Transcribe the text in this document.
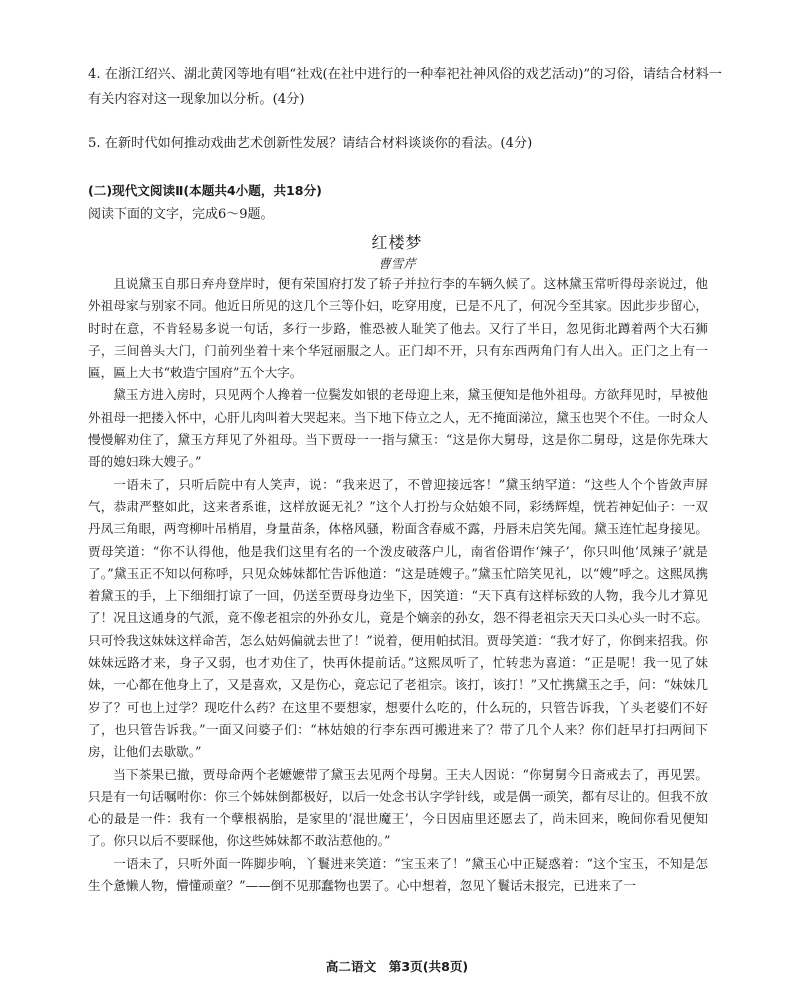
4. 在浙江绍兴、湖北黄冈等地有唱“社戏(在社中进行的一种奉祀社神风俗的戏艺活动)”的习俗，请结合材料一有关内容对这一现象加以分析。(4分)

5. 在新时代如何推动戏曲艺术创新性发展？请结合材料谈谈你的看法。(4分)

(二)现代文阅读Ⅱ(本题共4小题，共18分)

阅读下面的文字，完成6～9题。

红楼梦

曹雪芹

且说黛玉自那日弃舟登岸时，便有荣国府打发了轿子并拉行李的车辆久候了。这林黛玉常听得母亲说过，他外祖母家与别家不同。他近日所见的这几个三等仆妇，吃穿用度，已是不凡了，何况今至其家。因此步步留心，时时在意，不肯轻易多说一句话，多行一步路，惟恐被人耻笑了他去。又行了半日，忽见街北蹲着两个大石狮子，三间兽头大门，门前列坐着十来个华冠丽服之人。正门却不开，只有东西两角门有人出入。正门之上有一匾，匾上大书“敕造宁国府”五个大字。

黛玉方进入房时，只见两个人搀着一位鬓发如银的老母迎上来，黛玉便知是他外祖母。方欲拜见时，早被他外祖母一把搂入怀中，心肝儿肉叫着大哭起来。当下地下侍立之人，无不掩面涕泣，黛玉也哭个不住。一时众人慢慢解劝住了，黛玉方拜见了外祖母。当下贾母一一指与黛玉：“这是你大舅母，这是你二舅母，这是你先珠大哥的媳妇珠大嫂子。”

一语未了，只听后院中有人笑声，说：“我来迟了，不曾迎接远客！”黛玉纳罕道：“这些人个个皆敛声屏气，恭肃严整如此，这来者系谁，这样放诞无礼？”这个人打扮与众姑娘不同，彩绣辉煌，恍若神妃仙子：一双丹凤三角眼，两弯柳叶吊梢眉，身量苗条，体格风骚，粉面含春威不露，丹唇未启笑先闻。黛玉连忙起身接见。贾母笑道：“你不认得他，他是我们这里有名的一个泼皮破落户儿，南省俗谓作‘辣子’，你只叫他‘凤辣子’就是了。”黛玉正不知以何称呼，只见众姊妹都忙告诉他道：“这是琏嫂子。”黛玉忙陪笑见礼，以“嫂”呼之。这熙凤携着黛玉的手，上下细细打谅了一回，仍送至贾母身边坐下，因笑道：“天下真有这样标致的人物，我今儿才算见了！况且这通身的气派，竟不像老祖宗的外孙女儿，竟是个嫡亲的孙女，怨不得老祖宗天天口头心头一时不忘。只可怜我这妹妹这样命苦，怎么姑妈偏就去世了！”说着，便用帕拭泪。贾母笑道：“我才好了，你倒来招我。你妹妹远路才来，身子又弱，也才劝住了，快再休提前话。”这熙凤听了，忙转悲为喜道：“正是呢！我一见了妹妹，一心都在他身上了，又是喜欢，又是伤心，竟忘记了老祖宗。该打，该打！”又忙携黛玉之手，问：“妹妹几岁了？可也上过学？现吃什么药？在这里不要想家，想要什么吃的，什么玩的，只管告诉我，丫头老婆们不好了，也只管告诉我。”一面又问婆子们：“林姑娘的行李东西可搬进来了？带了几个人来？你们赶早打扫两间下房，让他们去歇歇。”

当下茶果已撤，贾母命两个老嬷嬷带了黛玉去见两个母舅。王夫人因说：“你舅舅今日斋戒去了，再见罢。只是有一句话嘱咐你：你三个姊妹倒都极好，以后一处念书认字学针线，或是偶一顽笑，都有尽让的。但我不放心的最是一件：我有一个孽根祸胎，是家里的‘混世魔王’，今日因庙里还愿去了，尚未回来，晚间你看见便知了。你只以后不要睬他，你这些姊妹都不敢沾惹他的。”

一语未了，只听外面一阵脚步响，丫鬟进来笑道：“宝玉来了！”黛玉心中正疑惑着：“这个宝玉，不知是怎生个惫懒人物，懵懂顽童？”——倒不见那蠢物也罢了。心中想着，忽见丫鬟话未报完，已进来了一

高二语文　第3页(共8页)
